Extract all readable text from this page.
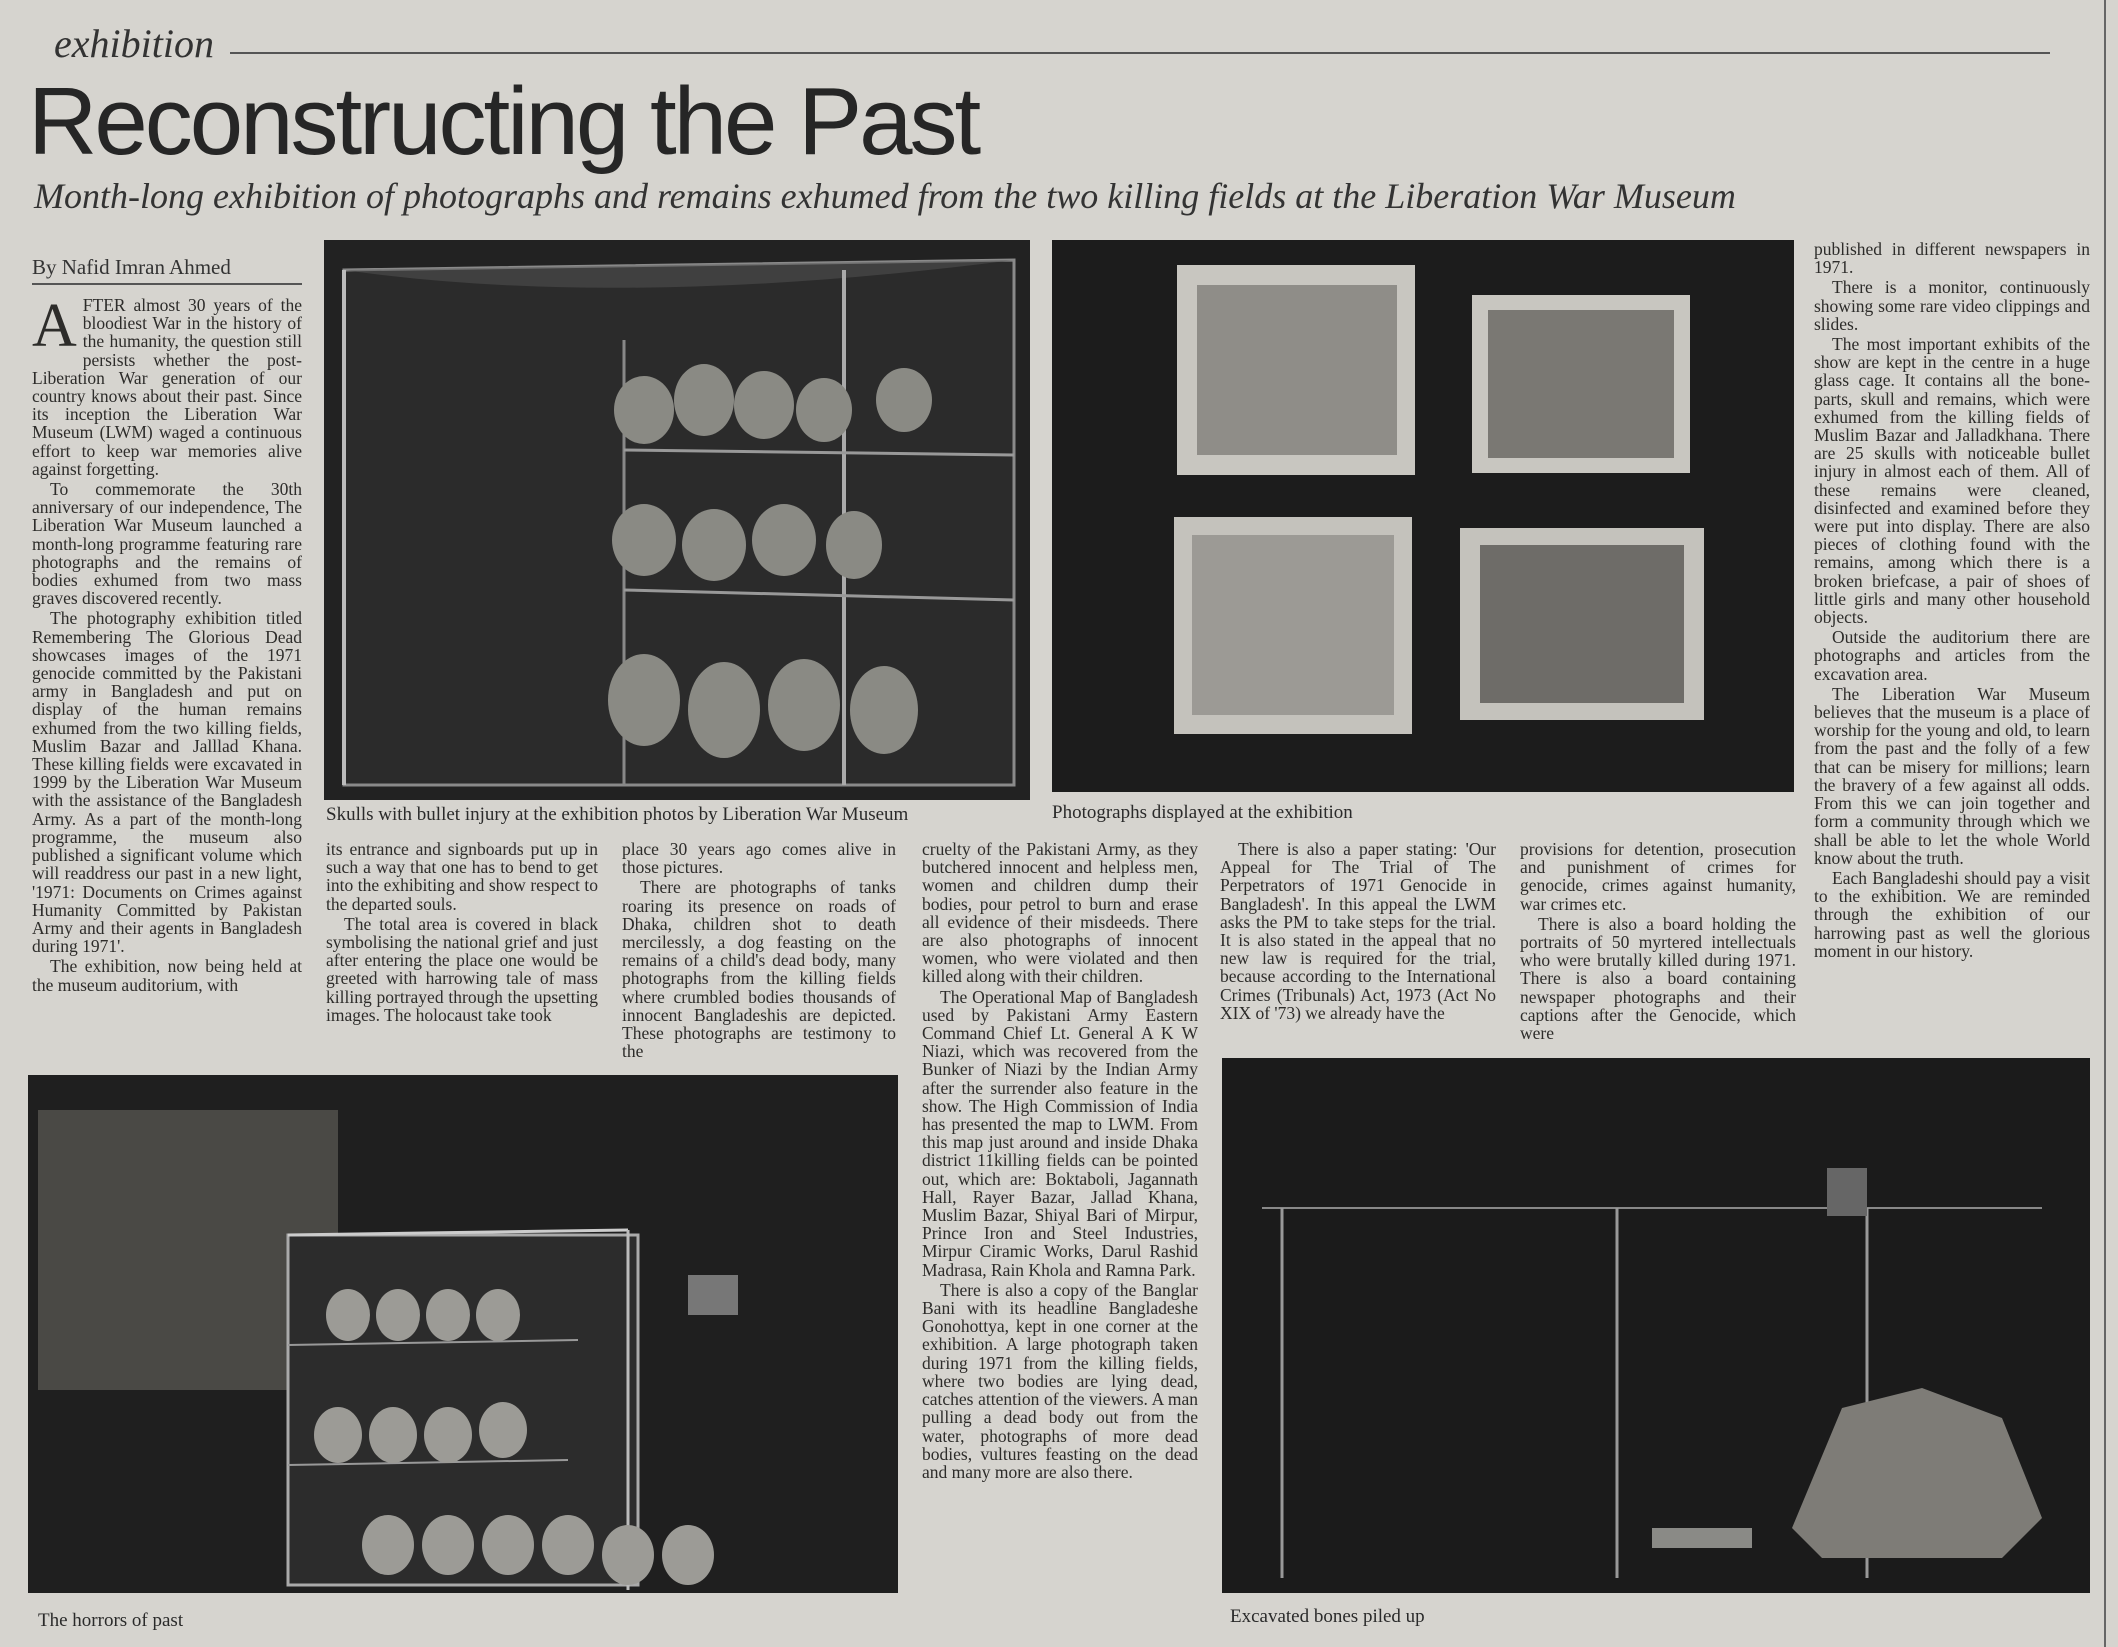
exhibition
Reconstructing the Past
Month-long exhibition of photographs and remains exhumed from the two killing fields at the Liberation War Museum
By Nafid Imran Ahmed

AFTER almost 30 years of the bloodiest War in the history of the humanity, the question still persists whether the post-Liberation War generation of our country knows about their past. Since its inception the Liberation War Museum (LWM) waged a continuous effort to keep war memories alive against forgetting.

To commemorate the 30th anniversary of our independence, The Liberation War Museum launched a month-long programme featuring rare photographs and the remains of bodies exhumed from two mass graves discovered recently.

The photography exhibition titled Remembering The Glorious Dead showcases images of the 1971 genocide committed by the Pakistani army in Bangladesh and put on display of the human remains exhumed from the two killing fields, Muslim Bazar and Jalllad Khana. These killing fields were excavated in 1999 by the Liberation War Museum with the assistance of the Bangladesh Army. As a part of the month-long programme, the museum also published a significant volume which will readdress our past in a new light, '1971: Documents on Crimes against Humanity Committed by Pakistan Army and their agents in Bangladesh during 1971'.

The exhibition, now being held at the museum auditorium, with

Skulls with bullet injury at the exhibition photos by Liberation War Museum	Photographs displayed at the exhibition

its entrance and signboards put up in such a way that one has to bend to get into the exhibiting and show respect to the departed souls.

The total area is covered in black symbolising the national grief and just after entering the place one would be greeted with harrowing tale of mass killing portrayed through the upsetting images. The holocaust take took

place 30 years ago comes alive in those pictures.

There are photographs of tanks roaring its presence on roads of Dhaka, children shot to death mercilessly, a dog feasting on the remains of a child's dead body, many photographs from the killing fields where crumbled bodies thousands of innocent Bangladeshis are depicted. These photographs are testimony to the

cruelty of the Pakistani Army, as they butchered innocent and helpless men, women and children dump their bodies, pour petrol to burn and erase all evidence of their misdeeds. There are also photographs of innocent women, who were violated and then killed along with their children.

The Operational Map of Bangladesh used by Pakistani Army Eastern Command Chief Lt. General A K W Niazi, which was recovered from the Bunker of Niazi by the Indian Army after the surrender also feature in the show. The High Commission of India has presented the map to LWM. From this map just around and inside Dhaka district 11killing fields can be pointed out, which are: Boktaboli, Jagannath Hall, Rayer Bazar, Jallad Khana, Muslim Bazar, Shiyal Bari of Mirpur, Prince Iron and Steel Industries, Mirpur Ciramic Works, Darul Rashid Madrasa, Rain Khola and Ramna Park.

There is also a copy of the Banglar Bani with its headline Bangladeshe Gonohottya, kept in one corner at the exhibition. A large photograph taken during 1971 from the killing fields, where two bodies are lying dead, catches attention of the viewers. A man pulling a dead body out from the water, photographs of more dead bodies, vultures feasting on the dead and many more are also there.

There is also a paper stating: 'Our Appeal for The Trial of The Perpetrators of 1971 Genocide in Bangladesh'. In this appeal the LWM asks the PM to take steps for the trial. It is also stated in the appeal that no new law is required for the trial, because according to the International Crimes (Tribunals) Act, 1973 (Act No XIX of '73) we already have the

provisions for detention, prosecution and punishment of crimes for genocide, crimes against humanity, war crimes etc.

There is also a board holding the portraits of 50 myrtered intellectuals who were brutally killed during 1971. There is also a board containing newspaper photographs and their captions after the Genocide, which were

published in different newspapers in 1971.

There is a monitor, continuously showing some rare video clippings and slides.

The most important exhibits of the show are kept in the centre in a huge glass cage. It contains all the bone-parts, skull and remains, which were exhumed from the killing fields of Muslim Bazar and Jalladkhana. There are 25 skulls with noticeable bullet injury in almost each of them. All of these remains were cleaned, disinfected and examined before they were put into display. There are also pieces of clothing found with the remains, among which there is a broken briefcase, a pair of shoes of little girls and many other household objects.

Outside the auditorium there are photographs and articles from the excavation area.

The Liberation War Museum believes that the museum is a place of worship for the young and old, to learn from the past and the folly of a few that can be misery for millions; learn the bravery of a few against all odds. From this we can join together and form a community through which we shall be able to let the whole World know about the truth.

Each Bangladeshi should pay a visit to the exhibition. We are reminded through the exhibition of our harrowing past as well the glorious moment in our history.

The horrors of past	Excavated bones piled up
